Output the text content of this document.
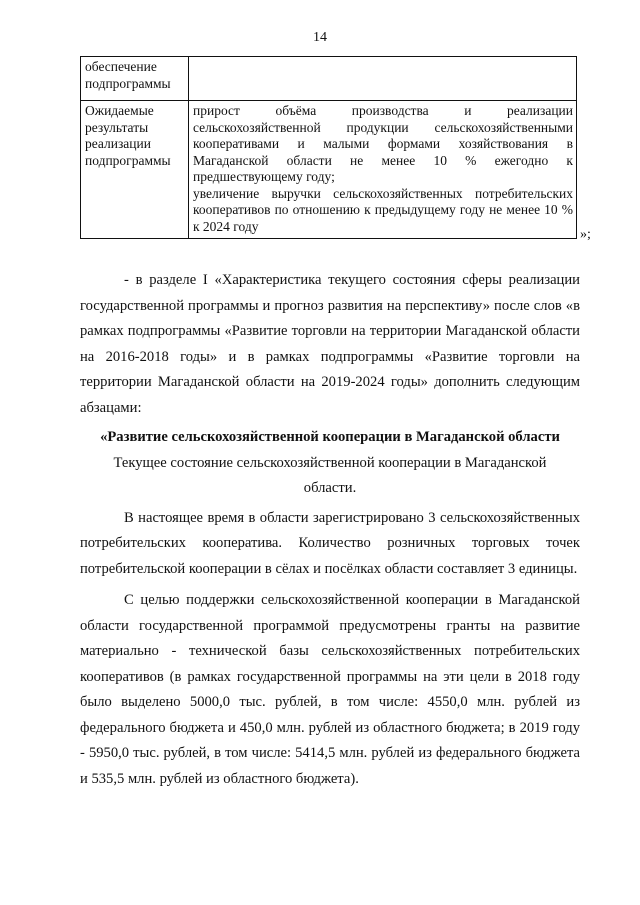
14
обеспечение подпрограммы	
Ожидаемые результаты реализации подпрограммы	прирост объёма производства и реализации сельскохозяйственной продукции сельскохозяйственными кооперативами и малыми формами хозяйствования в Магаданской области не менее 10 % ежегодно к предшествующему году;

увеличение выручки сельскохозяйственных потребительских кооперативов по отношению к предыдущему году не менее 10 % к 2024 году

»;

- в разделе I «Характеристика текущего состояния сферы реализации государственной программы и прогноз развития на перспективу» после слов «в рамках подпрограммы «Развитие торговли на территории Магаданской области на 2016-2018 годы» и в рамках подпрограммы «Развитие торговли на территории Магаданской области на 2019-2024 годы» дополнить следующим абзацами:

«Развитие сельскохозяйственной кооперации в Магаданской области

Текущее состояние сельскохозяйственной кооперации в Магаданской области.

В настоящее время в области зарегистрировано 3 сельскохозяйственных потребительских кооператива. Количество розничных торговых точек потребительской кооперации в сёлах и посёлках области составляет 3 единицы.

С целью поддержки сельскохозяйственной кооперации в Магаданской области государственной программой предусмотрены гранты на развитие материально - технической базы сельскохозяйственных потребительских кооперативов (в рамках государственной программы на эти цели в 2018 году было выделено 5000,0 тыс. рублей, в том числе: 4550,0 млн. рублей из федерального бюджета и 450,0 млн. рублей из областного бюджета; в 2019 году - 5950,0 тыс. рублей, в том числе: 5414,5 млн. рублей из федерального бюджета и 535,5 млн. рублей из областного бюджета).
